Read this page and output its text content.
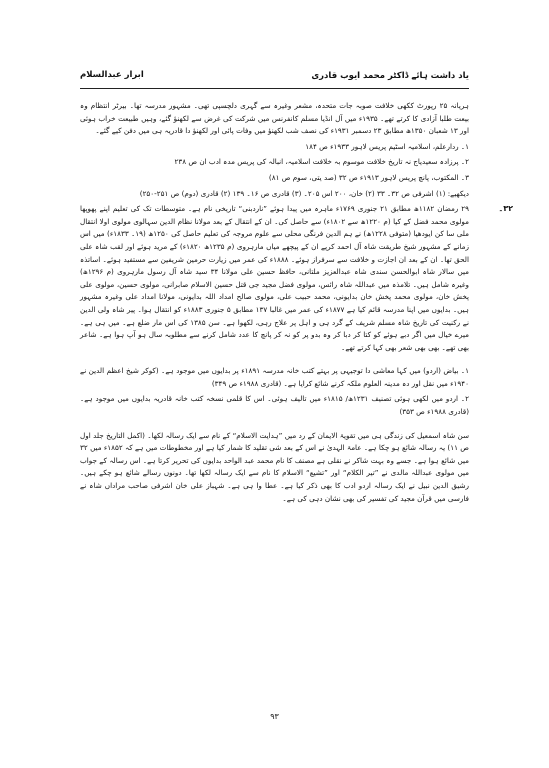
یاد داشت ہائے ڈاکٹر محمد ایوب قادری
ابرار عبدالسلام

ہریانہ ۲۵ رپورٹ ککھی خلافت صوبہ جات متحدہ، مشعر وغیرہ سے گہری دلچسپی تھی۔ مشہور مدرسہ تھا۔ بیرٹر انتظام وہ بیعت طلبا آزادی کا کرتے تھے۔ ۱۹۳۵ء میں آل انڈیا مسلم کانفرنس میں شرکت کی غرض سے لکھنؤ گئے، وہیں طبیعت خراب ہوئی اور ۱۳ شعبان ۱۳۵۰ھ مطابق ۲۳ دسمبر ۱۹۳۱ء کی نصف شب لکھنؤ میں وفات پائی اور لکھنؤ دا قادریہ ہی میں دفن کیے گئے۔

۱۔ ردارعلم، اسلامیہ اسٹیم پریس لاہور ۱۹۳۳ء ص ۱۸۴

۲۔ پرزادہ سعیدیاج نہ تاریخ خلافت موسوم بہ خلافت اسلامیہ، انبالہ کی پریس مدہ ادب ان ص ۲۳۸

۳۔ المکتوب، پانچ پریس لاہور ۱۹۱۳ء ص ۳۲ (صد یتی، سوم ص ۸۱)

دیکھیے: (۱) اشرفی ص ۳۲۔ ۳۳ (۲) خان، ۲۰۰ اس ۲۰۵۔ (۳) قادری ص ۱۶۔ ۱۳۹ (۲) قادری (دوم) ص ۲۵۱-۲۵۰)

۳۲۔

۲۹ رمضان ۱۱۸۲ھ مطابق ۲۱ جنوری ۱۷۶۹ء ماہرہ میں پیدا ہوئے ”ناردبنی“ تاریخی نام ہے۔ متوسطات تک کی تعلیم اپنے پھوپھا مولوی محمد فضل کے کیا (م ۱۲۲۰ھ سے ۱۸۰۲ء) سے حاصل کی۔ ان کے انتقال کے بعد مولانا نظام الدین سہالوی مولوی اولا انتقال ملی سا کن ایودھیا (متوفی ۱۲۲۸ھ) نے ہم الدین فرنگی محلی سے علوم مروجہ کی تعلیم حاصل کی ۱۲۵۰ھ (۱۹۔ ۱۸۳۳ء) میں اس زمانے کے مشہور شیخ طریقت شاہ آل احمد کرپے ان کے پیچھے میاں مارہروی (م ۱۲۳۵ھ ۱۸۲۰ء) کے مرید ہوئے اور لقب شاہ علی الحق تھا۔ ان کے بعد ان اجازت و خلافت سے سرفراز ہوئے۔ ۱۸۸۸ء کی عمر میں زیارت حرمین شریفین سے مستفید ہوئے۔ اساتذہ میں سالار شاہ ابوالحسن سندی شاہ عبدالعزیز ملتانی، حافظ حسین علی مولانا ۳۴ سید شاہ آل رسول مارہروی (م ۱۲۹۶ھ) وغیرہ شامل ہیں۔ تلامذہ میں عبداللہ شاہ رائس، مولوی فضل مجید جی قتل حسین الاسلام صابرانی، مولوی حسین، مولوی علی پخش خان، مولوی محمد پخش خان بدایونی، محمد حبیب علی، مولوی صالح امداد اللہ بدایونی، مولانا امداد علی وغیرہ مشہور ہیں۔ بدایوں میں اپنا مدرسہ قائم کیا ہے ۱۸۷۷ء کی عمر میں غالبا ۱۳۷ مطابق ۵ جنوری ۱۸۸۳ء کو انتقال ہوا۔ پیر شاہ ولی الدین نے رکنیت کی تاریخ شاہ مسلم شریف کے گرد ہی و اہل پر علاج رہی، لکھوا ہے۔ سن ۱۳۸۵ کی اس مار ضلع ہے۔ میں ہی ہے۔ میرے خیال میں اگر دبے ہوئے کو کتا کر دبا کر وہ بدو پر کو نہ کر پانچ کا عدد شامل کرنے سے مطلوبہ سال ہو آپ ہوا ہے۔ شاعر بھی تھے۔ بھی بھی شعر بھی کہا کرتے تھے۔

۱۔ بیاض (اردو) میں کہا معاشی دا توجیہی پر بہتے کتب خانہ مدرسہ ۱۸۹۱ء پر بدایوں میں موجود ہے۔ (کوکر شیخ اعظم الدین نے ۱۹۴۰ء میں نقل اور دہ مدینہ العلوم ملکہ کرنے شائع کرایا ہے۔ (قادری ۱۹۸۸ء ص ۳۴۹)

۲۔ اردو میں لکھی ہوئی تصنیف ۱۲۳۱ھ/ ۱۸۱۵ء میں تالیف ہوئی۔ اس کا قلمی نسخہ کتب خانہ قادریہ بدایوں میں موجود ہے۔ (قادری ۱۹۸۸ء ص ۳۵۳)

سن شاہ اسمعیل کی زندگی ہی میں تقویۃ الایمان کے رد میں ”ہدایت الاسلام“ کے نام سے ایک رسالہ لکھا۔ (اکمل التاریخ جلد اول ص ۱۱) یہ رسالہ شائع ہو چکا ہے۔ عامۃ الہدیٰ نے اس کے بعد شی تقلید کا شمار کیا ہے اور مخطوطات میں ہے کہ ۱۸۵۲ء میں ۳۲ میں شائع ہوا ہے۔ جسے وہ بہت شاکر نے نقلی ہے مصنف کا نام محمد عبد الواحد بدایوں کی تحریر کرتا ہے۔ اس رسالہ کے جواب میں مولوی عبداللہ مالدی نے ”تیر الکلام“ اور ”تشیع“ الاسلام کا نام سے ایک رسالہ لکھا تھا۔ دونوں رسالے شائع ہو چکے ہیں۔ رشیق الدین نبیل نے ایک رسالہ اردو ادب کا بھی ذکر کیا ہے۔ عطا وا ہی ہے۔ شہباز علی خان اشرفی صاحب مراداں شاہ نے فارسی میں قرآن مجید کی تفسیر کی بھی نشان دہی کی ہے۔

۹۳
